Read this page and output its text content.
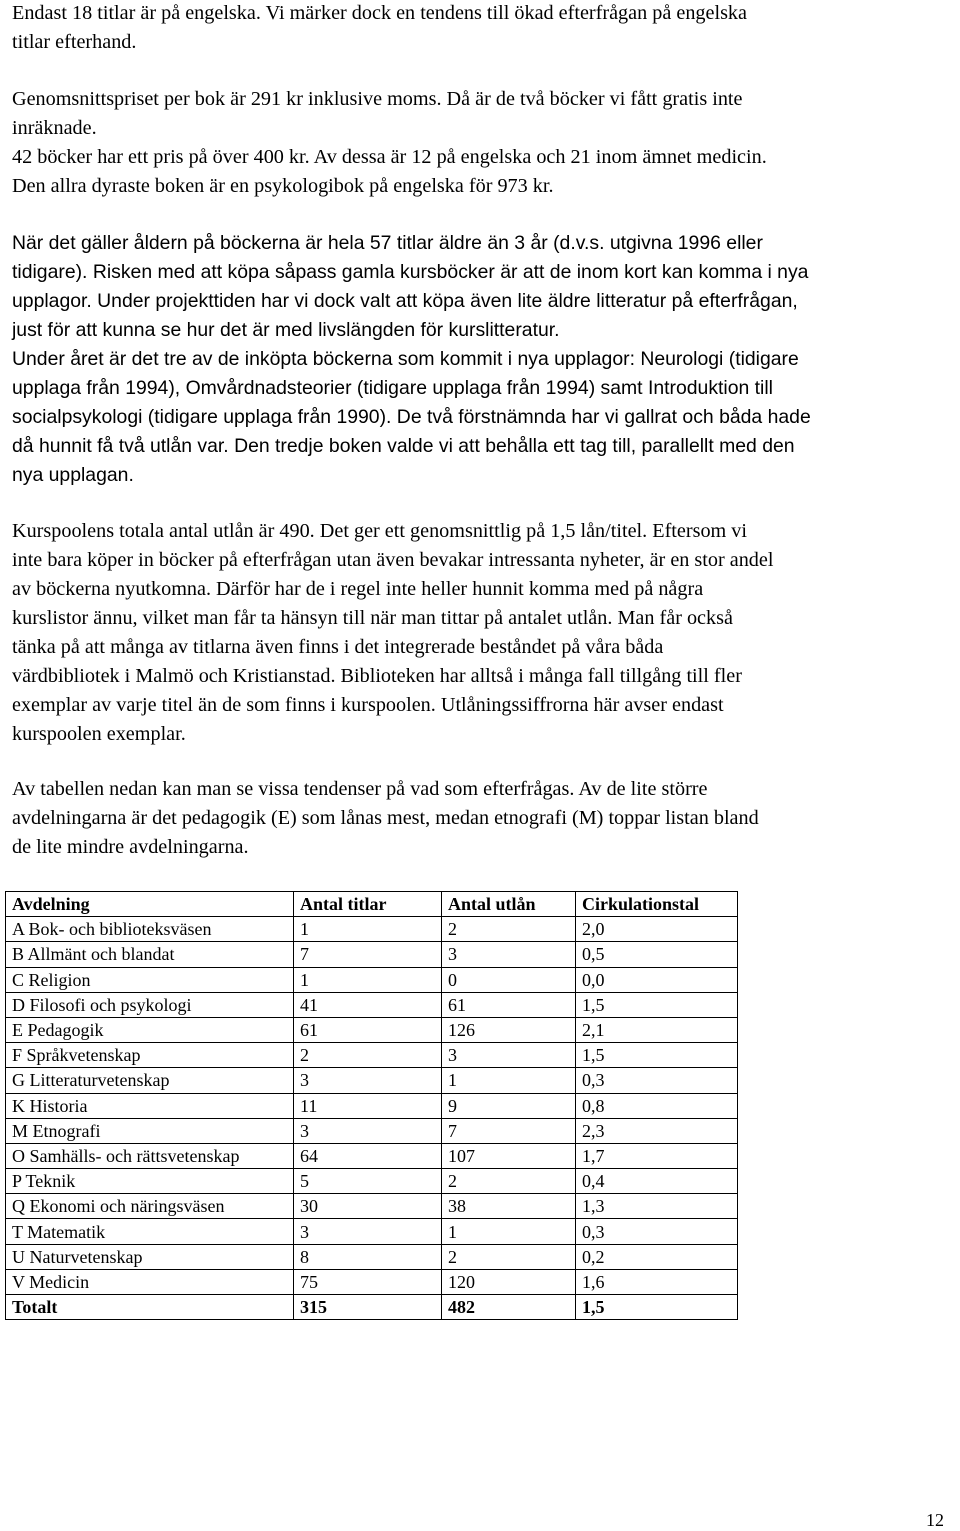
Endast 18 titlar är på engelska. Vi märker dock en tendens till ökad efterfrågan på engelska
titlar efterhand.
Genomsnittspriset per bok är 291 kr inklusive moms. Då är de två böcker vi fått gratis inte
inräknade.
42 böcker har ett pris på över 400 kr. Av dessa är 12 på engelska och 21 inom ämnet medicin.
Den allra dyraste boken är en psykologibok på engelska för 973 kr.
När det gäller åldern på böckerna är hela 57 titlar äldre än 3 år (d.v.s. utgivna 1996 eller
tidigare). Risken med att köpa såpass gamla kursböcker är att de inom kort kan komma i nya
upplagor. Under projekttiden har vi dock valt att köpa även lite äldre litteratur på efterfrågan,
just för att kunna se hur det är med livslängden för kurslitteratur.
Under året är det tre av de inköpta böckerna som kommit i nya upplagor: Neurologi (tidigare
upplaga från 1994), Omvårdnadsteorier (tidigare upplaga från 1994) samt Introduktion till
socialpsykologi (tidigare upplaga från 1990). De två förstnämnda har vi gallrat och båda hade
då hunnit få två utlån var. Den tredje boken valde vi att behålla ett tag till, parallellt med den
nya upplagan.
Kurspoolens totala antal utlån är 490. Det ger ett genomsnittlig på 1,5 lån/titel. Eftersom vi
inte bara köper in böcker på efterfrågan utan även bevakar intressanta nyheter, är en stor andel
av böckerna nyutkomna. Därför har de i regel inte heller hunnit komma med på några
kurslistor ännu, vilket man får ta hänsyn till när man tittar på antalet utlån. Man får också
tänka på att många av titlarna även finns i det integrerade beståndet på våra båda
värdbibliotek i Malmö och Kristianstad. Biblioteken har alltså i många fall tillgång till fler
exemplar av varje titel än de som finns i kurspoolen. Utlåningssiffrorna här avser endast
kurspoolen exemplar.
Av tabellen nedan kan man se vissa tendenser på vad som efterfrågas. Av de lite större
avdelningarna är det pedagogik (E) som lånas mest, medan etnografi (M) toppar listan bland
de lite mindre avdelningarna.
Avdelning	Antal titlar	Antal utlån	Cirkulationstal
A Bok- och biblioteksväsen	1	2	2,0
B Allmänt och blandat	7	3	0,5
C Religion	1	0	0,0
D Filosofi och psykologi	41	61	1,5
E Pedagogik	61	126	2,1
F Språkvetenskap	2	3	1,5
G Litteraturvetenskap	3	1	0,3
K Historia	11	9	0,8
M Etnografi	3	7	2,3
O Samhälls- och rättsvetenskap	64	107	1,7
P Teknik	5	2	0,4
Q Ekonomi och näringsväsen	30	38	1,3
T Matematik	3	1	0,3
U Naturvetenskap	8	2	0,2
V Medicin	75	120	1,6
Totalt	315	482	1,5
12
